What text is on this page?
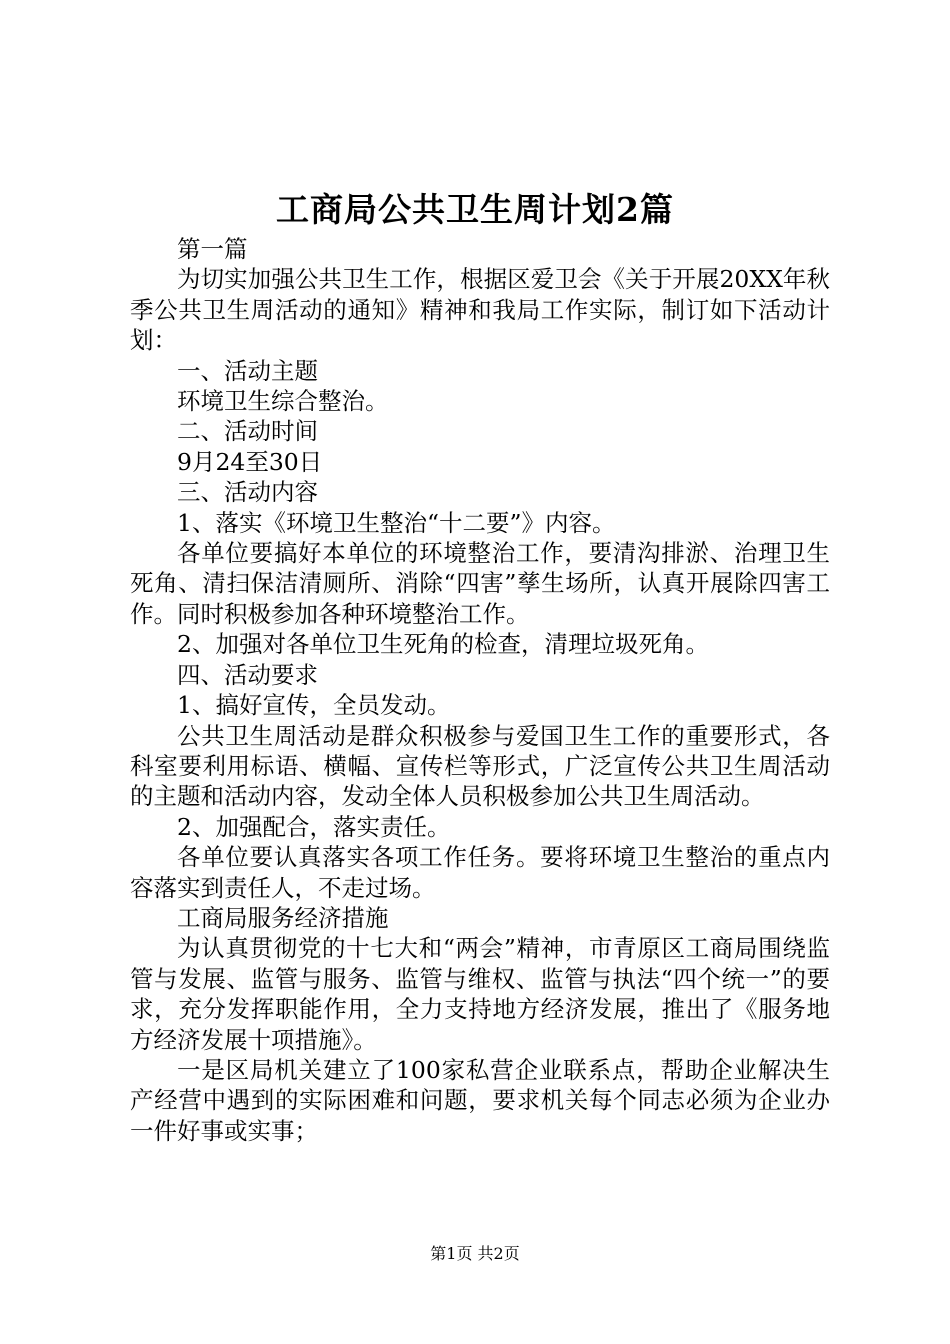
工商局公共卫生周计划2篇

第一篇

为切实加强公共卫生工作，根据区爱卫会《关于开展20XX年秋季公共卫生周活动的通知》精神和我局工作实际，制订如下活动计划：

一、活动主题

环境卫生综合整治。

二、活动时间

9月24至30日

三、活动内容

1、落实《环境卫生整治“十二要”》内容。

各单位要搞好本单位的环境整治工作，要清沟排淤、治理卫生死角、清扫保洁清厕所、消除“四害”孳生场所，认真开展除四害工作。同时积极参加各种环境整治工作。

2、加强对各单位卫生死角的检查，清理垃圾死角。

四、活动要求

1、搞好宣传，全员发动。

公共卫生周活动是群众积极参与爱国卫生工作的重要形式，各科室要利用标语、横幅、宣传栏等形式，广泛宣传公共卫生周活动的主题和活动内容，发动全体人员积极参加公共卫生周活动。

2、加强配合，落实责任。

各单位要认真落实各项工作任务。要将环境卫生整治的重点内容落实到责任人，不走过场。

工商局服务经济措施

为认真贯彻党的十七大和“两会”精神，市青原区工商局围绕监管与发展、监管与服务、监管与维权、监管与执法“四个统一”的要求，充分发挥职能作用，全力支持地方经济发展，推出了《服务地方经济发展十项措施》。

一是区局机关建立了100家私营企业联系点，帮助企业解决生产经营中遇到的实际困难和问题，要求机关每个同志必须为企业办一件好事或实事；

第1页 共2页
